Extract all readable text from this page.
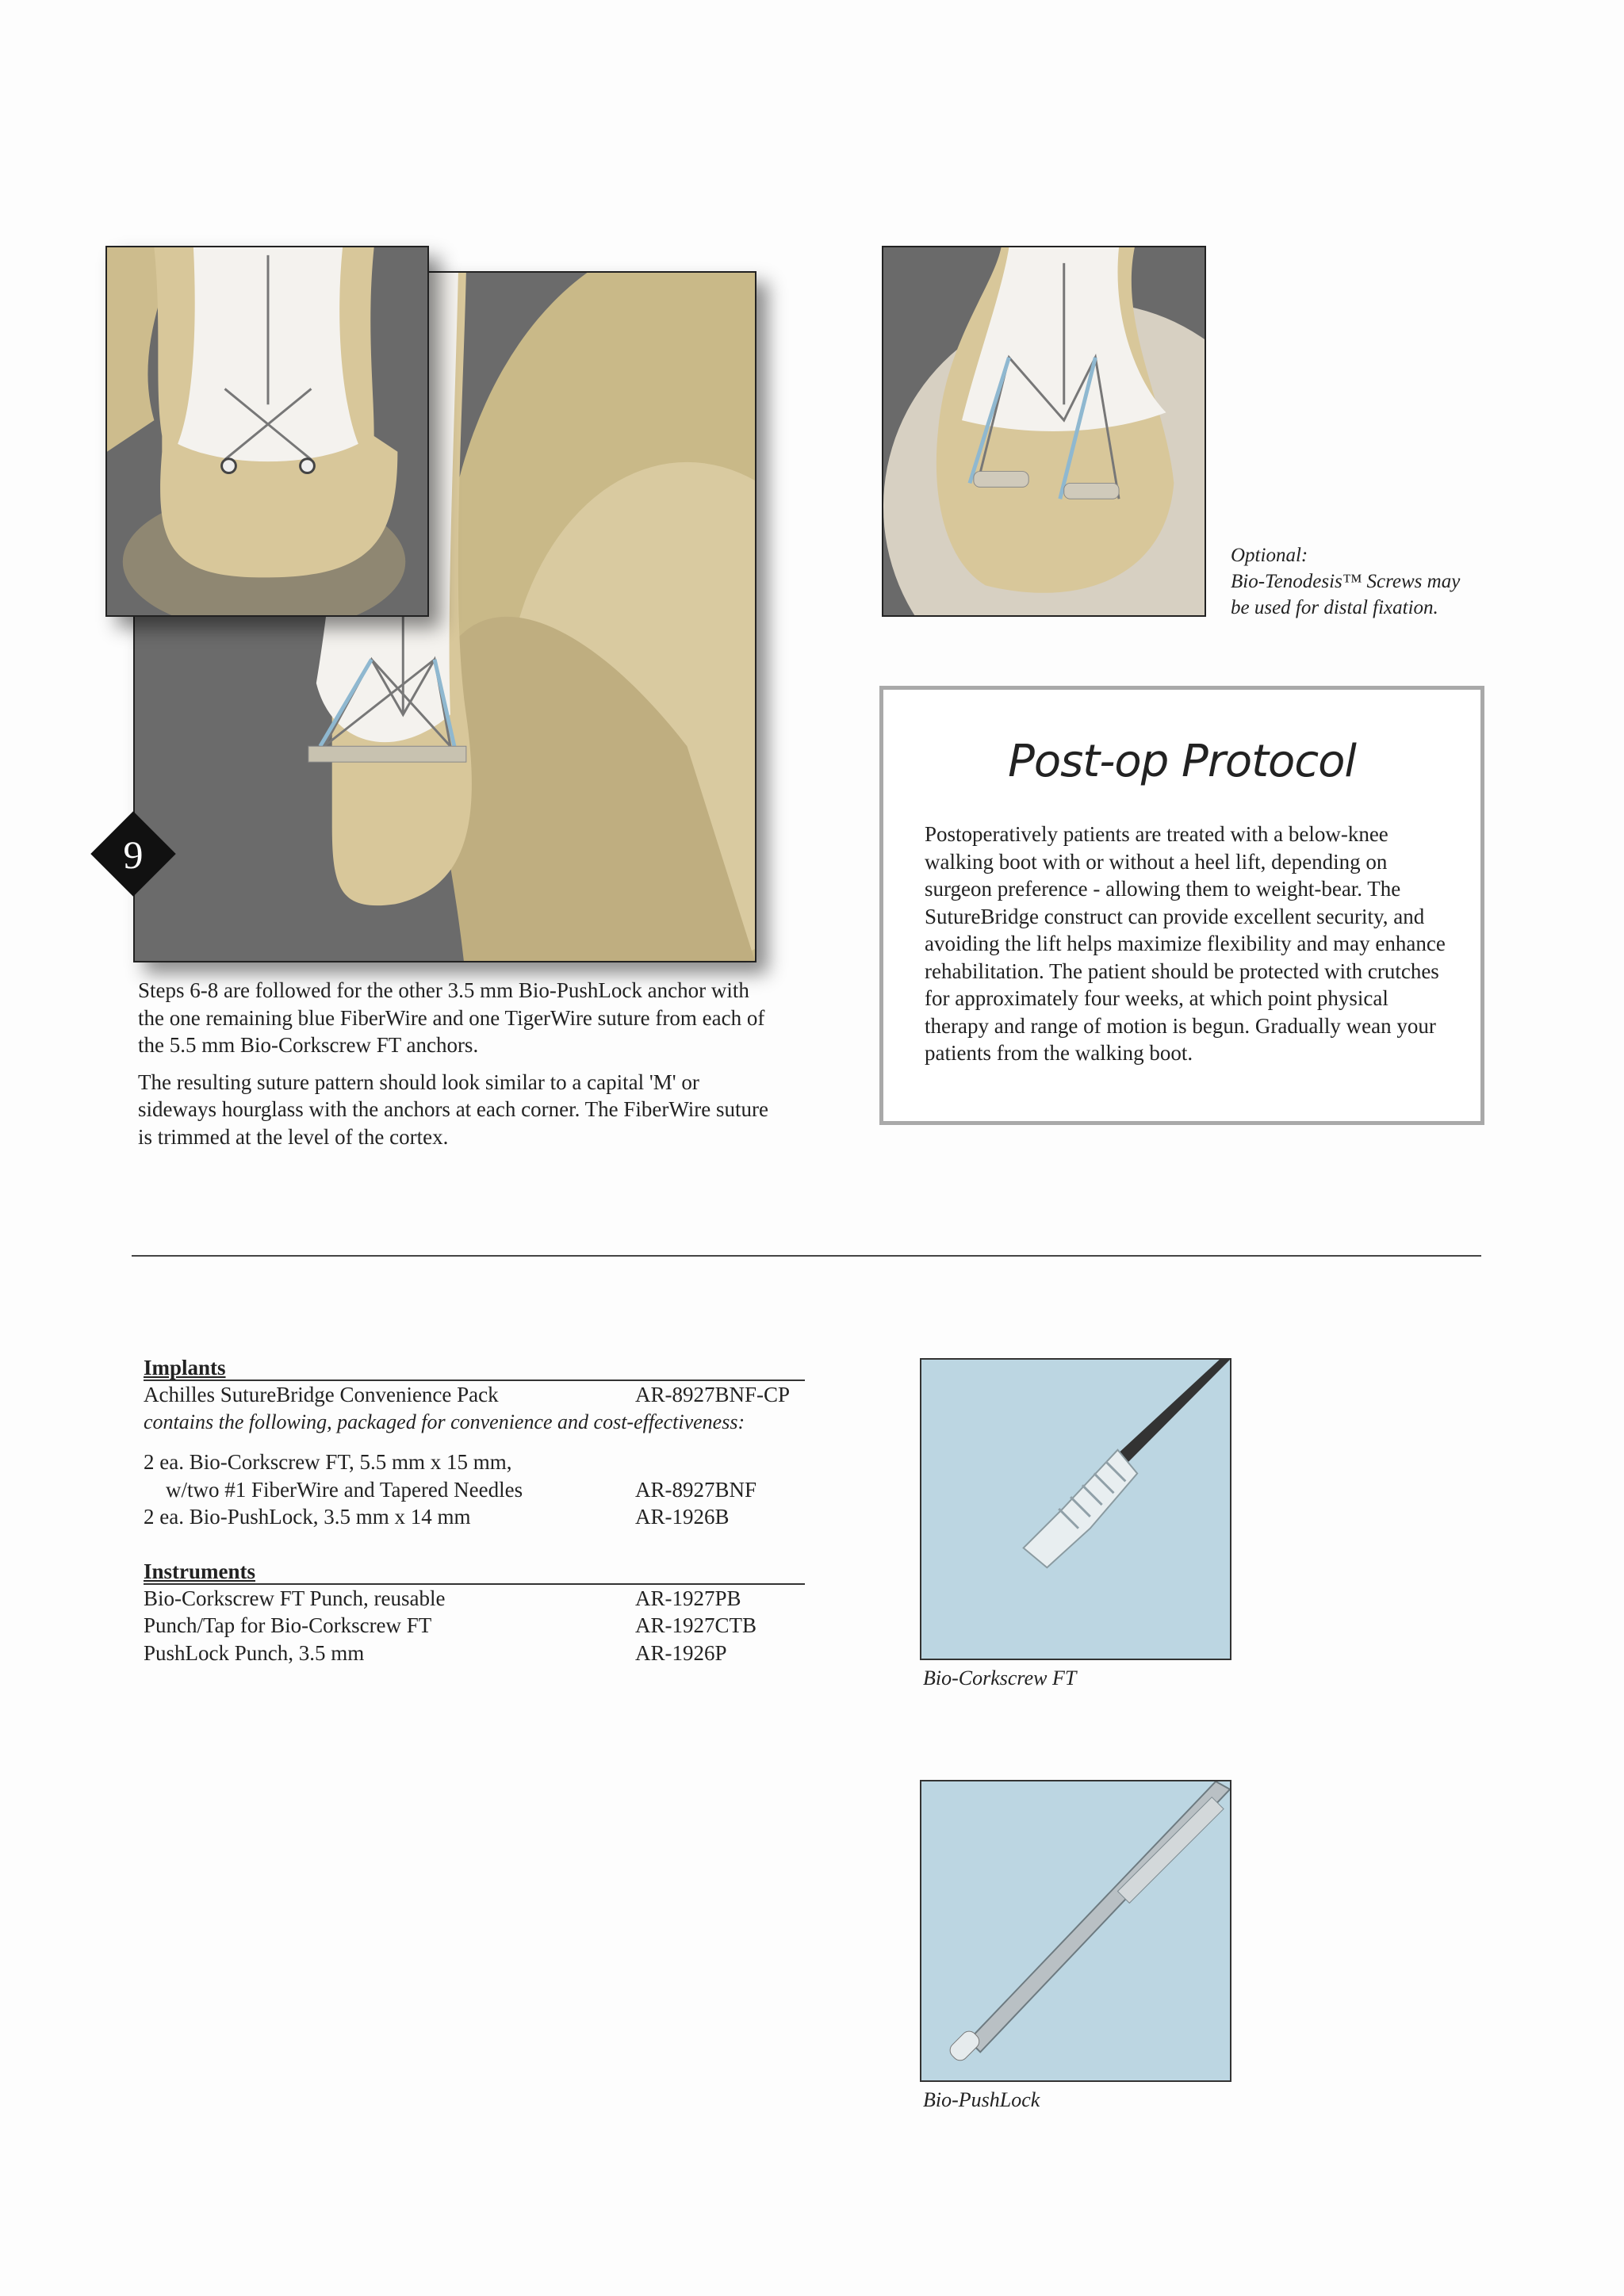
9
Optional:
Bio-Tenodesis™ Screws may
be used for distal fixation.

Steps 6-8 are followed for the other 3.5 mm Bio-PushLock anchor with the one remaining blue FiberWire and one TigerWire suture from each of the 5.5 mm Bio-Corkscrew FT anchors.

The resulting suture pattern should look similar to a capital 'M' or sideways hourglass with the anchors at each corner. The FiberWire suture is trimmed at the level of the cortex.

Post-op Protocol
Postoperatively patients are treated with a below-knee walking boot with or without a heel lift, depending on surgeon preference - allowing them to weight-bear. The SutureBridge construct can provide excellent security, and avoiding the lift helps maximize flexibility and may enhance rehabilitation. The patient should be protected with crutches for approximately four weeks, at which point physical therapy and range of motion is begun. Gradually wean your patients from the walking boot.
Implants
Achilles SutureBridge Convenience Pack	AR-8927BNF-CP
contains the following, packaged for convenience and cost-effectiveness:
2 ea. Bio-Corkscrew FT, 5.5 mm x 15 mm,
w/two #1 FiberWire and Tapered Needles	AR-8927BNF
2 ea. Bio-PushLock, 3.5 mm x 14 mm	AR-1926B
Instruments
Bio-Corkscrew FT Punch, reusable	AR-1927PB
Punch/Tap for Bio-Corkscrew FT	AR-1927CTB
PushLock Punch, 3.5 mm	AR-1926P
Bio-Corkscrew FT
Bio-PushLock
